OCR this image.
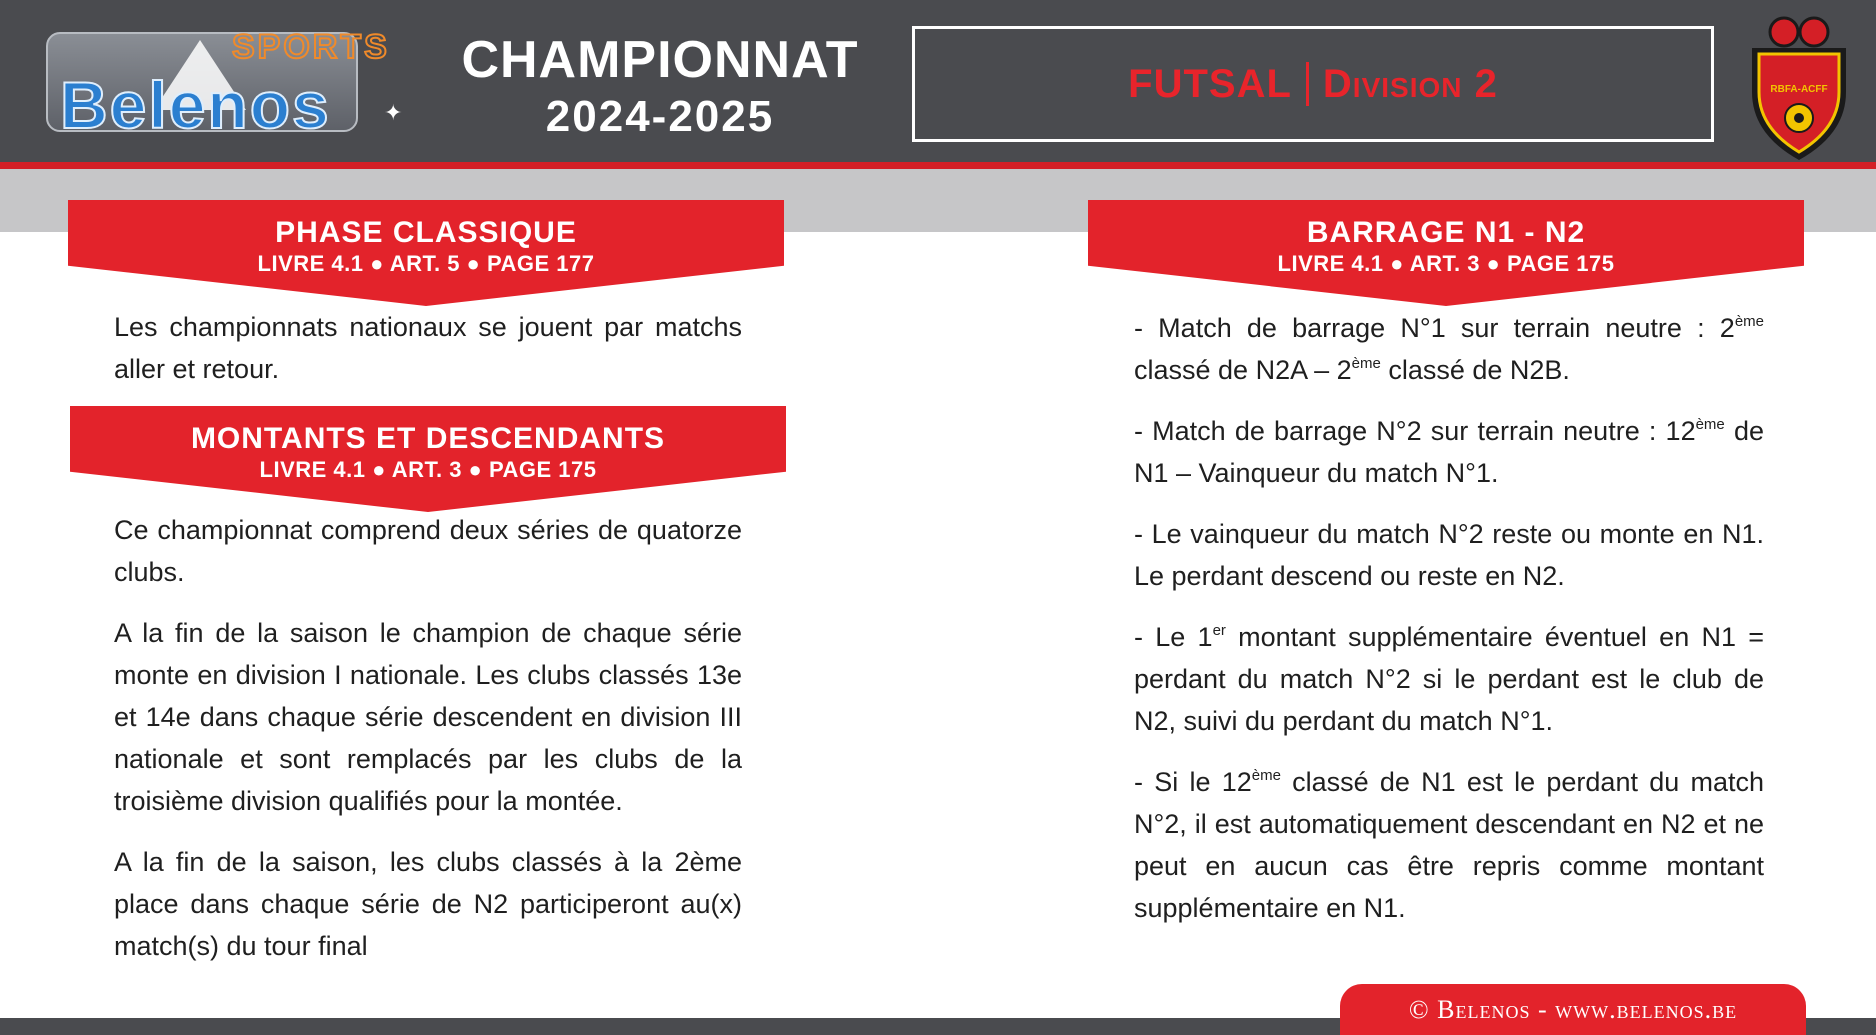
SPORTS
Belenos ✦
CHAMPIONNAT
2024-2025
FUTSAL Division 2	RBFA-ACFF
PHASE CLASSIQUE
LIVRE 4.1 ● ART. 5 ● PAGE 177

Les championnats nationaux se jouent par matchs aller et retour.

MONTANTS ET DESCENDANTS
LIVRE 4.1 ● ART. 3 ● PAGE 175

Ce championnat comprend deux séries de quatorze clubs.

A la fin de la saison le champion de chaque série monte en division I nationale. Les clubs classés 13e et 14e dans chaque série descendent en division III nationale et sont remplacés par les clubs de la troisième division qualifiés pour la montée.

A la fin de la saison, les clubs classés à la 2ème place dans chaque série de N2 participeront au(x) match(s) du tour final

BARRAGE N1 - N2
LIVRE 4.1 ● ART. 3 ● PAGE 175

- Match de barrage N°1 sur terrain neutre : 2ème classé de N2A – 2ème classé de N2B.

- Match de barrage N°2 sur terrain neutre : 12ème de N1 – Vainqueur du match N°1.

- Le vainqueur du match N°2 reste ou monte en N1. Le perdant descend ou reste en N2.

- Le 1er montant supplémentaire éventuel en N1 = perdant du match N°2 si le perdant est le club de N2, suivi du perdant du match N°1.

- Si le 12ème classé de N1 est le perdant du match N°2, il est automatiquement descendant en N2 et ne peut en aucun cas être repris comme montant supplémentaire en N1.

© Belenos - www.belenos.be
